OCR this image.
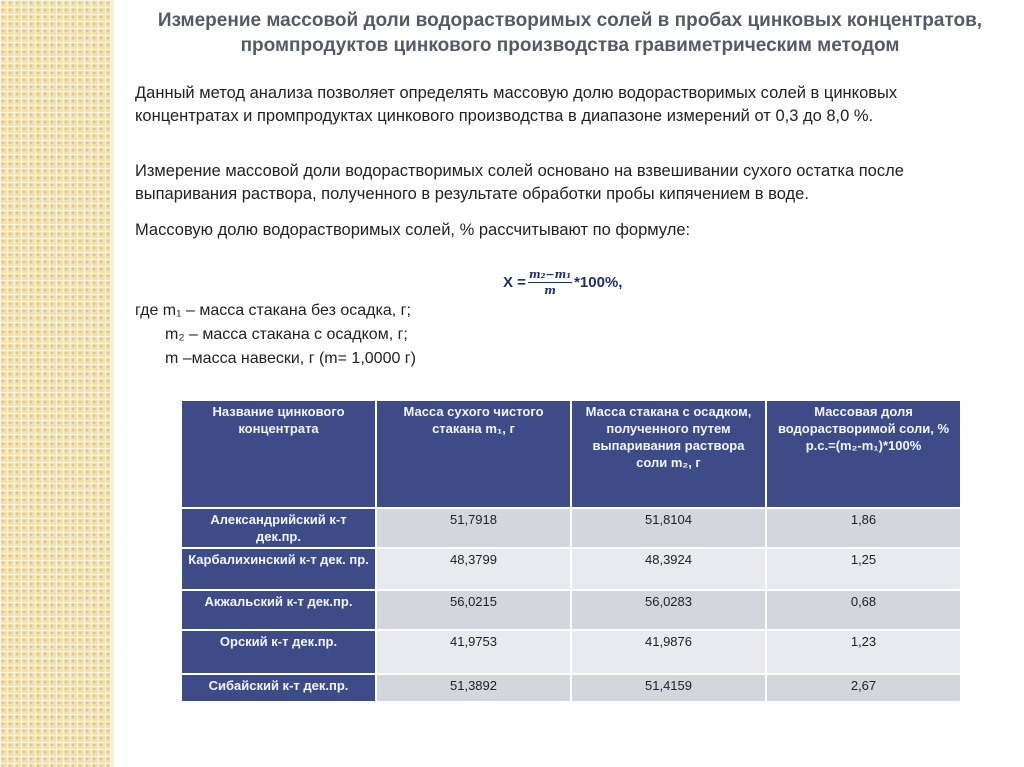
Измерение массовой доли водорастворимых солей в пробах цинковых концентратов,
промпродуктов цинкового производства гравиметрическим методом
Данный метод анализа позволяет определять массовую долю водорастворимых солей в цинковых
концентратах и промпродуктах цинкового производства в диапазоне измерений от 0,3 до 8,0 %.
Измерение массовой доли водорастворимых солей основано на взвешивании сухого остатка после
выпаривания раствора, полученного в результате обработки пробы кипячением в воде.
Массовую долю водорастворимых солей, % рассчитывают по формуле:
$Х = \frac{\text{m₂−m₁}}{m} *100\%$,
где m₁ – масса стакана без осадка, г;
m₂ – масса стакана с осадком, г;
m –масса навески, г (m= 1,0000 г)
Название цинкового концентрата	Масса сухого чистого стакана m₁, г	Масса стакана с осадком, полученного путем выпаривания раствора соли m₂, г	Массовая доля водорастворимой соли, % р.с.=(m₂-m₁)*100%
Александрийский к-т дек.пр.	51,7918	51,8104	1,86
Карбалихинский к-т дек. пр.	48,3799	48,3924	1,25
Акжальский к-т дек.пр.	56,0215	56,0283	0,68
Орский к-т дек.пр.	41,9753	41,9876	1,23
Сибайский к-т дек.пр.	51,3892	51,4159	2,67
